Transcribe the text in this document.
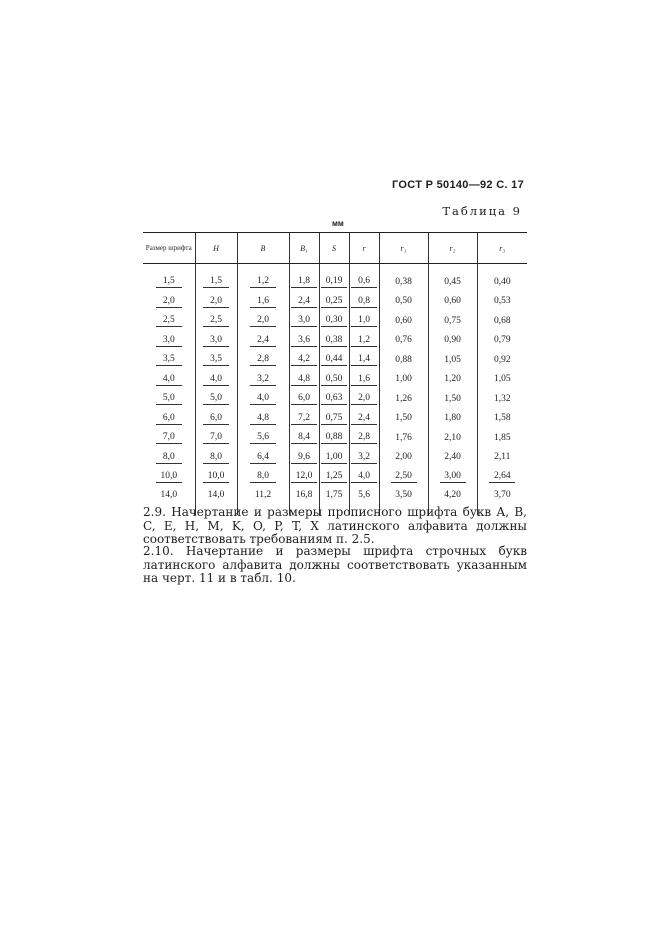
ГОСТ Р 50140—92 С. 17
Таблица 9
мм
Размер шрифта	H	B	B₁	S	r	r₁	r₂	r₃
1,5	1,5	1,2	1,8	0,19	0,6	0,38	0,45	0,40
2,0	2,0	1,6	2,4	0,25	0,8	0,50	0,60	0,53
2,5	2,5	2,0	3,0	0,30	1,0	0,60	0,75	0,68
3,0	3,0	2,4	3,6	0,38	1,2	0,76	0,90	0,79
3,5	3,5	2,8	4,2	0,44	1,4	0,88	1,05	0,92
4,0	4,0	3,2	4,8	0,50	1,6	1,00	1,20	1,05
5,0	5,0	4,0	6,0	0,63	2,0	1,26	1,50	1,32
6,0	6,0	4,8	7,2	0,75	2,4	1,50	1,80	1,58
7,0	7,0	5,6	8,4	0,88	2,8	1,76	2,10	1,85
8,0	8,0	6,4	9,6	1,00	3,2	2,00	2,40	2,11
10,0	10,0	8,0	12,0	1,25	4,0	2,50	3,00	2,64
14,0	14,0	11,2	16,8	1,75	5,6	3,50	4,20	3,70
2.9. Начертание и размеры прописного шрифта букв A, B, C, E, H, M, K, O, P, T, X латинского алфавита должны соответствовать требованиям п. 2.5.
2.10. Начертание и размеры шрифта строчных букв латинского алфавита должны соответствовать указанным на черт. 11 и в табл. 10.
